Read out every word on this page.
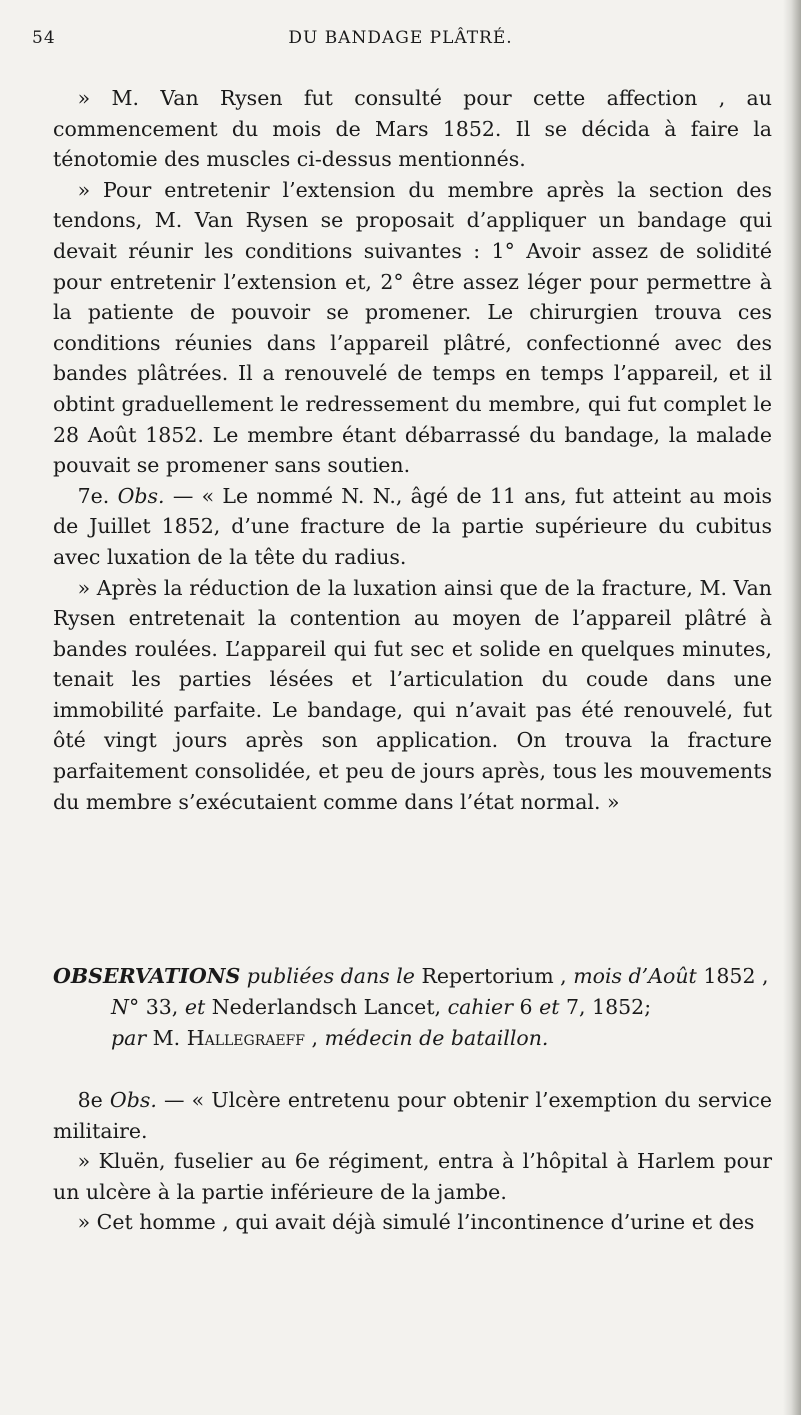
54	DU BANDAGE PLÂTRÉ.

» M. Van Rysen fut consulté pour cette affection , au commencement du mois de Mars 1852. Il se décida à faire la ténotomie des muscles ci-dessus mentionnés.

» Pour entretenir l’extension du membre après la section des tendons, M. Van Rysen se proposait d’appliquer un bandage qui devait réunir les conditions suivantes : 1° Avoir assez de solidité pour entretenir l’extension et, 2° être assez léger pour permettre à la patiente de pouvoir se promener. Le chirurgien trouva ces conditions réunies dans l’appareil plâtré, confectionné avec des bandes plâtrées. Il a renouvelé de temps en temps l’appareil, et il obtint graduellement le redressement du membre, qui fut complet le 28 Août 1852. Le membre étant débarrassé du bandage, la malade pouvait se promener sans soutien.

7e. Obs. — « Le nommé N. N., âgé de 11 ans, fut atteint au mois de Juillet 1852, d’une fracture de la partie supérieure du cubitus avec luxation de la tête du radius.

» Après la réduction de la luxation ainsi que de la fracture, M. Van Rysen entretenait la contention au moyen de l’appareil plâtré à bandes roulées. L’appareil qui fut sec et solide en quelques minutes, tenait les parties lésées et l’articulation du coude dans une immobilité parfaite. Le bandage, qui n’avait pas été renouvelé, fut ôté vingt jours après son application. On trouva la fracture parfaitement consolidée, et peu de jours après, tous les mouvements du membre s’exécutaient comme dans l’état normal. »

OBSERVATIONS publiées dans le Repertorium , mois d’Août 1852 ,

N° 33, et Nederlandsch Lancet, cahier 6 et 7, 1852;

par M. Hallegraeff , médecin de bataillon.

8e Obs. — « Ulcère entretenu pour obtenir l’exemption du service militaire.

» Kluën, fuselier au 6e régiment, entra à l’hôpital à Harlem pour un ulcère à la partie inférieure de la jambe.

» Cet homme , qui avait déjà simulé l’incontinence d’urine et des
